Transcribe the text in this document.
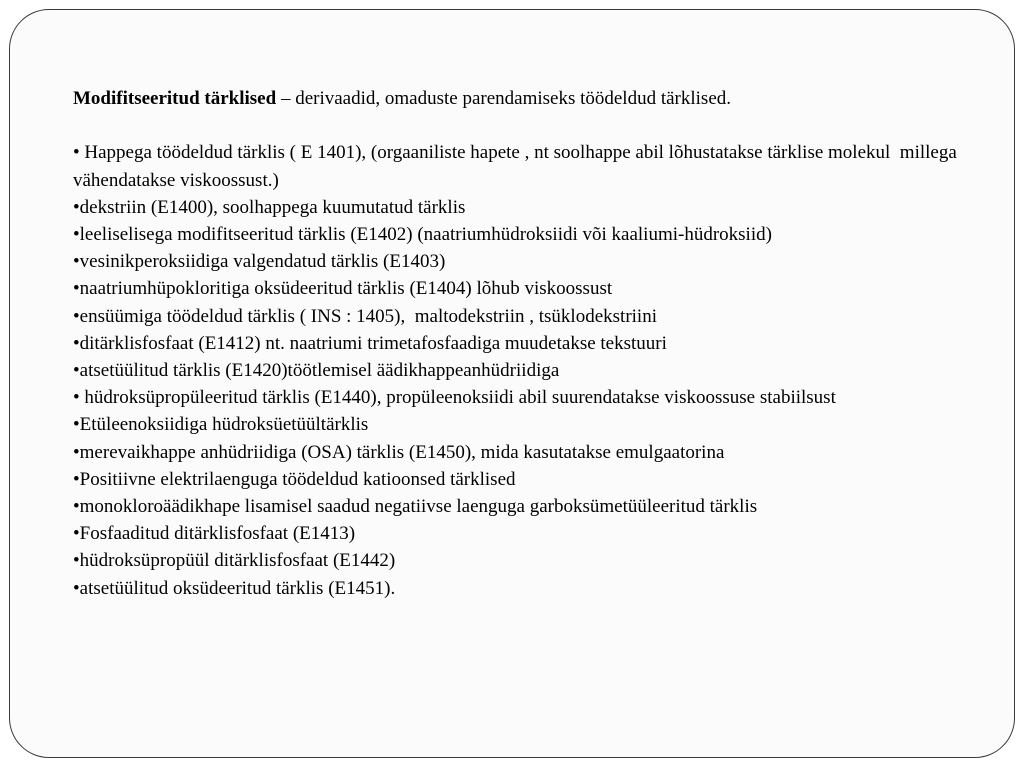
Modifitseeritud tärklised – derivaadid, omaduste parendamiseks töödeldud tärklised.

• Happega töödeldud tärklis ( E 1401), (orgaaniliste hapete , nt soolhappe abil lõhustatakse tärklise molekul  millega vähendatakse viskoossust.)

•dekstriin (E1400), soolhappega kuumutatud tärklis

•leeliselisega modifitseeritud tärklis (E1402) (naatriumhüdroksiidi või kaaliumi-hüdroksiid)

•vesinikperoksiidiga valgendatud tärklis (E1403)

•naatriumhüpokloritiga oksüdeeritud tärklis (E1404) lõhub viskoossust

•ensüümiga töödeldud tärklis ( INS : 1405),  maltodekstriin , tsüklodekstriini

•ditärklisfosfaat (E1412) nt. naatriumi trimetafosfaadiga muudetakse tekstuuri

•atsetüülitud tärklis (E1420)töötlemisel äädikhappeanhüdriidiga

• hüdroksüpropüleeritud tärklis (E1440), propüleenoksiidi abil suurendatakse viskoossuse stabiilsust

•Etüleenoksiidiga hüdroksüetüültärklis

•merevaikhappe anhüdriidiga (OSA) tärklis (E1450), mida kasutatakse emulgaatorina

•Positiivne elektrilaenguga töödeldud katioonsed tärklised

•monokloroäädikhape lisamisel saadud negatiivse laenguga garboksümetüüleeritud tärklis

•Fosfaaditud ditärklisfosfaat (E1413)

•hüdroksüpropüül ditärklisfosfaat (E1442)

•atsetüülitud oksüdeeritud tärklis (E1451).
